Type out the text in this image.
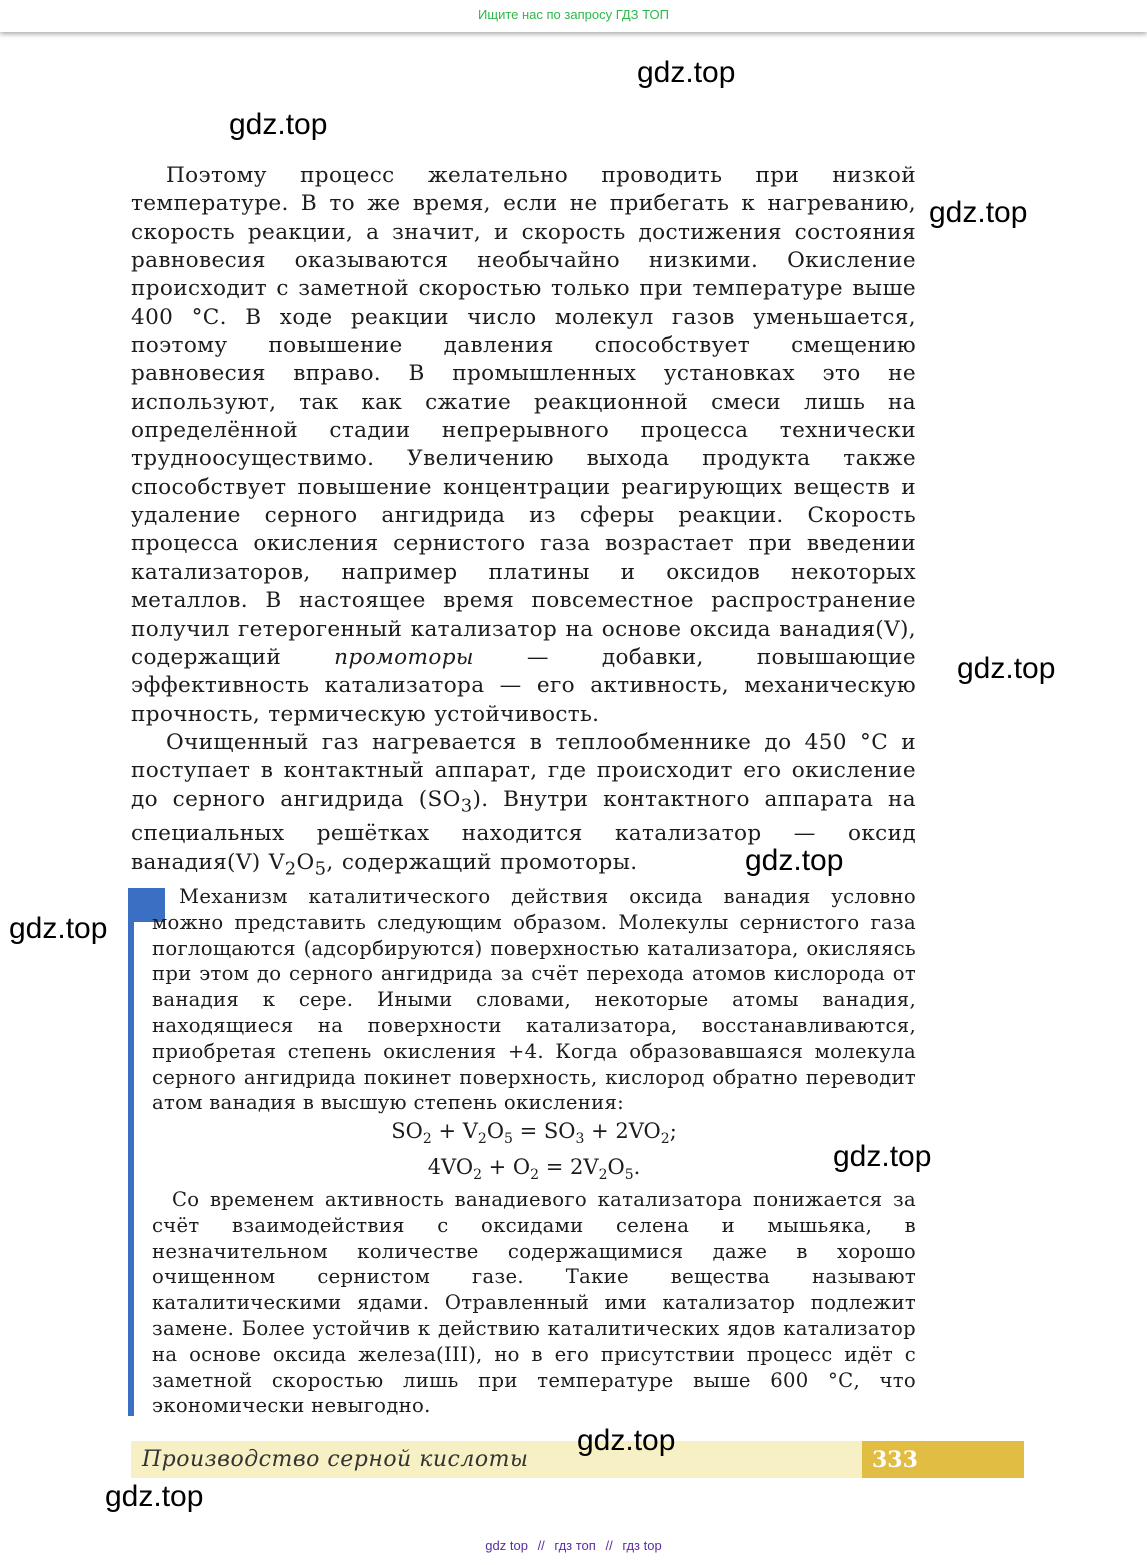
Ищите нас по запросу ГДЗ ТОП

Поэтому процесс желательно проводить при низкой температуре. В то же время, если не прибегать к нагреванию, скорость реакции, а значит, и скорость достижения состояния равновесия оказываются необычайно низкими. Окисление происходит с заметной скоростью только при температуре выше 400 °С. В ходе реакции число молекул газов уменьшается, поэтому повышение давления способствует смещению равновесия вправо. В промышленных установках это не используют, так как сжатие реакционной смеси лишь на определённой стадии непрерывного процесса технически трудноосуществимо. Увеличению выхода продукта также способствует повышение концентрации реагирующих веществ и удаление серного ангидрида из сферы реакции. Скорость процесса окисления сернистого газа возрастает при введении катализаторов, например платины и оксидов некоторых металлов. В настоящее время повсеместное распространение получил гетерогенный катализатор на основе оксида ванадия(V), содержащий промоторы — добавки, повышающие эффективность катализатора — его активность, механическую прочность, термическую устойчивость.

Очищенный газ нагревается в теплообменнике до 450 °С и поступает в контактный аппарат, где происходит его окисление до серного ангидрида $(SO_3)$. Внутри контактного аппарата на специальных решётках находится катализатор — оксид ванадия(V) $V_2O_5$, содержащий промоторы.

Механизм каталитического действия оксида ванадия условно можно представить следующим образом. Молекулы сернистого газа поглощаются (адсорбируются) поверхностью катализатора, окисляясь при этом до серного ангидрида за счёт перехода атомов кислорода от ванадия к сере. Иными словами, некоторые атомы ванадия, находящиеся на поверхности катализатора, восстанавливаются, приобретая степень окисления +4. Когда образовавшаяся молекула серного ангидрида покинет поверхность, кислород обратно переводит атом ванадия в высшую степень окисления:

$SO_2 + V_2O_5 = SO_3 + 2VO_2$;
$4VO_2 + O_2 = 2V_2O_5$.

Со временем активность ванадиевого катализатора понижается за счёт взаимодействия с оксидами селена и мышьяка, в незначительном количестве содержащимися даже в хорошо очищенном сернистом газе. Такие вещества называют каталитическими ядами. Отравленный ими катализатор подлежит замене. Более устойчив к действию каталитических ядов катализатор на основе оксида железа(III), но в его присутствии процесс идёт с заметной скоростью лишь при температуре выше 600 °С, что экономически невыгодно.

Производство серной кислоты	333
gdz.top
gdz.top
gdz.top
gdz.top
gdz.top
gdz.top
gdz.top
gdz.top
gdz.top
gdz top // гдз топ // гдз top
